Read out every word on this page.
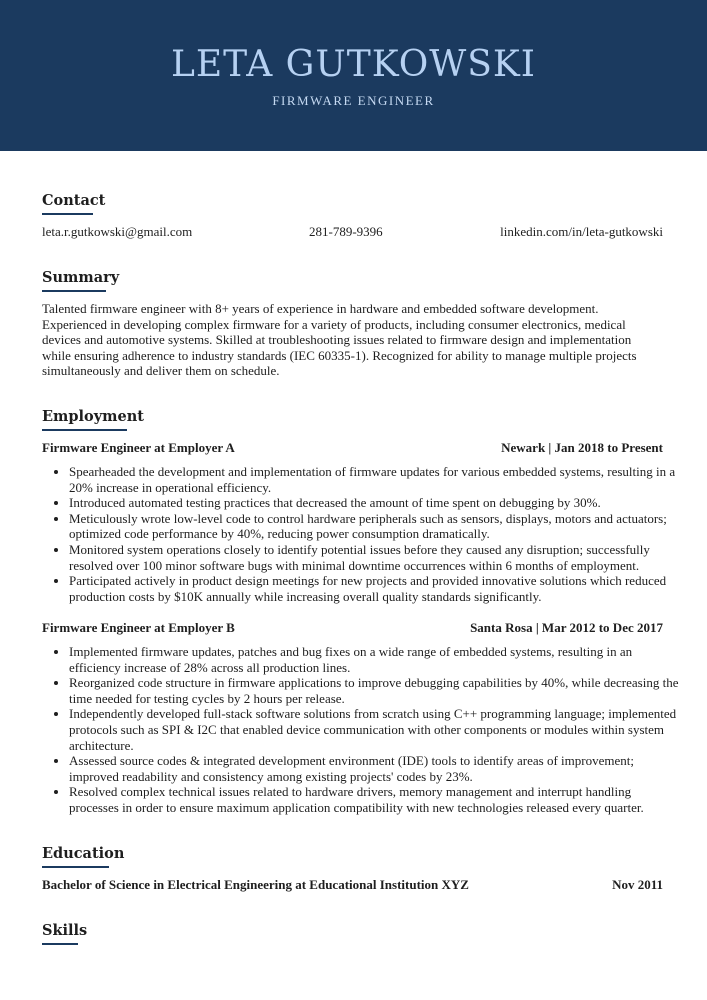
LETA GUTKOWSKI
FIRMWARE ENGINEER
Contact
leta.r.gutkowski@gmail.com	281-789-9396	linkedin.com/in/leta-gutkowski
Summary

Talented firmware engineer with 8+ years of experience in hardware and embedded software development. Experienced in developing complex firmware for a variety of products, including consumer electronics, medical devices and automotive systems. Skilled at troubleshooting issues related to firmware design and implementation while ensuring adherence to industry standards (IEC 60335-1). Recognized for ability to manage multiple projects simultaneously and deliver them on schedule.

Employment
Firmware Engineer at Employer A	Newark | Jan 2018 to Present
• Spearheaded the development and implementation of firmware updates for various embedded systems, resulting in a 20% increase in operational efficiency.
• Introduced automated testing practices that decreased the amount of time spent on debugging by 30%.
• Meticulously wrote low-level code to control hardware peripherals such as sensors, displays, motors and actuators; optimized code performance by 40%, reducing power consumption dramatically.
• Monitored system operations closely to identify potential issues before they caused any disruption; successfully resolved over 100 minor software bugs with minimal downtime occurrences within 6 months of employment.
• Participated actively in product design meetings for new projects and provided innovative solutions which reduced production costs by $10K annually while increasing overall quality standards significantly.
Firmware Engineer at Employer B	Santa Rosa | Mar 2012 to Dec 2017
• Implemented firmware updates, patches and bug fixes on a wide range of embedded systems, resulting in an efficiency increase of 28% across all production lines.
• Reorganized code structure in firmware applications to improve debugging capabilities by 40%, while decreasing the time needed for testing cycles by 2 hours per release.
• Independently developed full-stack software solutions from scratch using C++ programming language; implemented protocols such as SPI & I2C that enabled device communication with other components or modules within system architecture.
• Assessed source codes & integrated development environment (IDE) tools to identify areas of improvement; improved readability and consistency among existing projects' codes by 23%.
• Resolved complex technical issues related to hardware drivers, memory management and interrupt handling processes in order to ensure maximum application compatibility with new technologies released every quarter.
Education
Bachelor of Science in Electrical Engineering at Educational Institution XYZ	Nov 2011
Skills
